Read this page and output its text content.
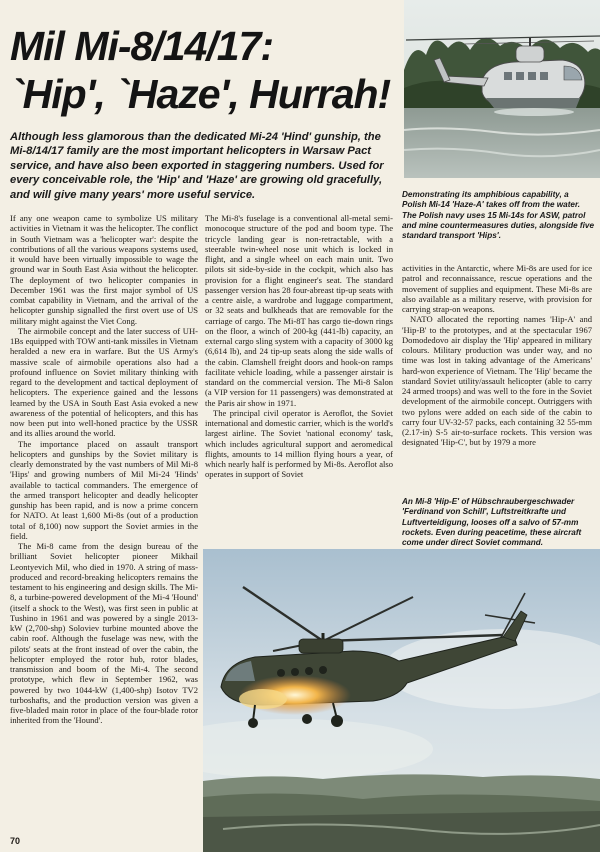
Mil Mi-8/14/17:
`Hip', `Haze', Hurrah!
Although less glamorous than the dedicated Mi-24 'Hind' gunship, the Mi-8/14/17 family are the most important helicopters in Warsaw Pact service, and have also been exported in staggering numbers. Used for every conceivable role, the 'Hip' and 'Haze' are growing old gracefully, and will give many years' more useful service.	Demonstrating its amphibious capability, a Polish Mi-14 'Haze-A' takes off from the water. The Polish navy uses 15 Mi-14s for ASW, patrol and mine countermeasures duties, alongside five standard transport 'Hips'.

If any one weapon came to symbolize US military activities in Vietnam it was the helicopter. The conflict in South Vietnam was a 'helicopter war': despite the contributions of all the various weapons systems used, it would have been virtually impossible to wage the ground war in South East Asia without the helicopter. The deployment of two helicopter companies in December 1961 was the first major symbol of US combat capability in Vietnam, and the arrival of the helicopter gunship signalled the first overt use of US military might against the Viet Cong.

The airmobile concept and the later success of UH-1Bs equipped with TOW anti-tank missiles in Vietnam heralded a new era in warfare. But the US Army's massive scale of airmobile operations also had a profound influence on Soviet military thinking with regard to the development and tactical deployment of helicopters. The experience gained and the lessons learned by the USA in South East Asia evoked a new awareness of the potential of helicopters, and this has now been put into well-honed practice by the USSR and its allies around the world.

The importance placed on assault transport helicopters and gunships by the Soviet military is clearly demonstrated by the vast numbers of Mil Mi-8 'Hips' and growing numbers of Mil Mi-24 'Hinds' available to tactical commanders. The emergence of the armed transport helicopter and deadly helicopter gunship has been rapid, and is now a prime concern for NATO. At least 1,600 Mi-8s (out of a production total of 8,100) now support the Soviet armies in the field.

The Mi-8 came from the design bureau of the brilliant Soviet helicopter pioneer Mikhail Leontyevich Mil, who died in 1970. A string of mass-produced and record-breaking helicopters remains the testament to his engineering and design skills. The Mi-8, a turbine-powered development of the Mi-4 'Hound' (itself a shock to the West), was first seen in public at Tushino in 1961 and was powered by a single 2013-kW (2,700-shp) Soloviev turbine mounted above the cabin roof. Although the fuselage was new, with the pilots' seats at the front instead of over the cabin, the helicopter employed the rotor hub, rotor blades, transmission and boom of the Mi-4. The second prototype, which flew in September 1962, was powered by two 1044-kW (1,400-shp) Isotov TV2 turboshafts, and the production version was given a five-bladed main rotor in place of the four-blade rotor inherited from the 'Hound'.

The Mi-8's fuselage is a conventional all-metal semi-monocoque structure of the pod and boom type. The tricycle landing gear is non-retractable, with a steerable twin-wheel nose unit which is locked in flight, and a single wheel on each main unit. Two pilots sit side-by-side in the cockpit, which also has provision for a flight engineer's seat. The standard passenger version has 28 four-abreast tip-up seats with a centre aisle, a wardrobe and luggage compartment, or 32 seats and bulkheads that are removable for the carriage of cargo. The Mi-8T has cargo tie-down rings on the floor, a winch of 200-kg (441-lb) capacity, an external cargo sling system with a capacity of 3000 kg (6,614 lb), and 24 tip-up seats along the side walls of the cabin. Clamshell freight doors and hook-on ramps facilitate vehicle loading, while a passenger airstair is standard on the commercial version. The Mi-8 Salon (a VIP version for 11 passengers) was demonstrated at the Paris air show in 1971.

The principal civil operator is Aeroflot, the Soviet international and domestic carrier, which is the world's largest airline. The Soviet 'national economy' task, which includes agricultural support and aeromedical flights, amounts to 14 million flying hours a year, of which nearly half is performed by Mi-8s. Aeroflot also operates in support of Soviet

activities in the Antarctic, where Mi-8s are used for ice patrol and reconnaissance, rescue operations and the movement of supplies and equipment. These Mi-8s are also available as a military reserve, with provision for carrying strap-on weapons.

NATO allocated the reporting names 'Hip-A' and 'Hip-B' to the prototypes, and at the spectacular 1967 Domodedovo air display the 'Hip' appeared in military colours. Military production was under way, and no time was lost in taking advantage of the Americans' hard-won experience of Vietnam. The 'Hip' became the standard Soviet utility/assault helicopter (able to carry 24 armed troops) and was well to the fore in the Soviet development of the airmobile concept. Outriggers with two pylons were added on each side of the cabin to carry four UV-32-57 packs, each containing 32 55-mm (2.17-in) S-5 air-to-surface rockets. This version was designated 'Hip-C', but by 1979 a more

An Mi-8 'Hip-E' of Hübschraubergeschwader 'Ferdinand von Schill', Luftstreitkrafte und Luftverteidigung, looses off a salvo of 57-mm rockets. Even during peacetime, these aircraft come under direct Soviet command.
70
